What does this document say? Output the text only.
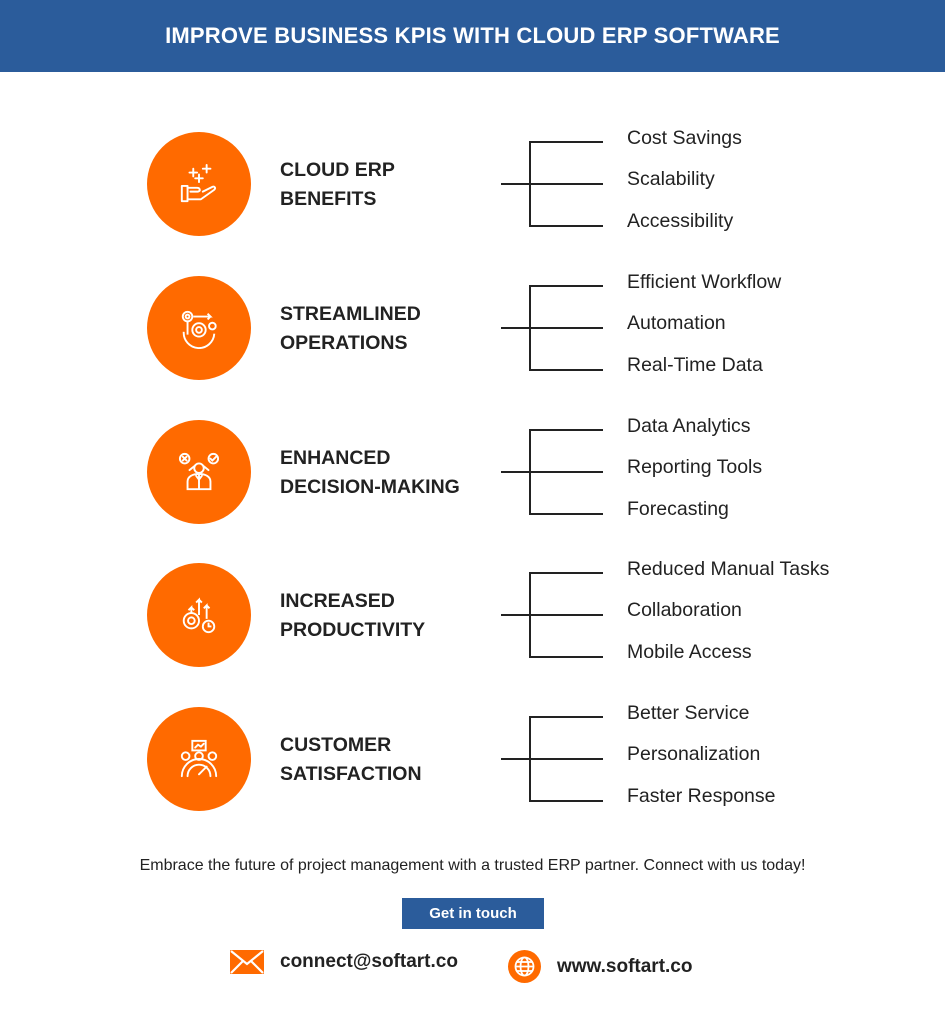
IMPROVE BUSINESS KPIS WITH CLOUD ERP SOFTWARE
CLOUD ERP
BENEFITS
Cost Savings
Scalability
Accessibility
STREAMLINED
OPERATIONS
Efficient Workflow
Automation
Real-Time Data
ENHANCED
DECISION-MAKING
Data Analytics
Reporting Tools
Forecasting
INCREASED
PRODUCTIVITY
Reduced Manual Tasks
Collaboration
Mobile Access
CUSTOMER
SATISFACTION
Better Service
Personalization
Faster Response
Embrace the future of project management with a trusted ERP partner. Connect with us today!
Get in touch
connect@softart.co	www.softart.co
